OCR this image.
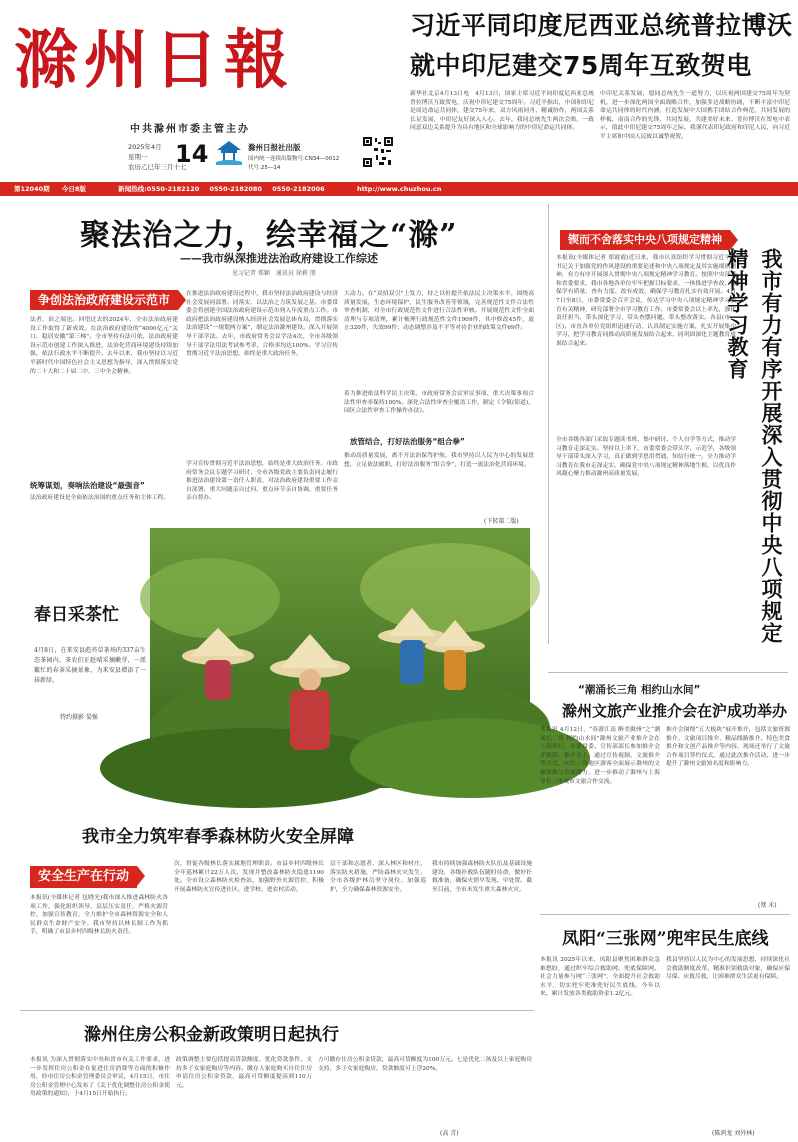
滁州日報
中共滁州市委主管主办
2025年4月
星期一
农历乙巳年三月十七
14	滁州日报社出版
国内统一连续出版物号:CN34—0012
代号:25—14
习近平同印度尼西亚总统普拉博沃
就中印尼建交75周年互致贺电
新华社北京4月13日电　4月13日，国家主席习近平同印度尼西亚总统普拉博沃互致贺电，庆祝中印尼建交75周年。习近平指出，中国和印尼是周边命运共同体，建交75年来，双方风雨同舟、精诚协作，两国关系长足发展，中印尼友好深入人心。去年，我同总统先生两次会晤，一致同意双边关系提升为具有地区和全球影响力的中印尼命运共同体。
中印尼关系发展，愿同总统先生一道努力，以庆祝两国建交75周年为契机，进一步深化两国全面战略合作，加强多边战略协调，不断丰富中印尼命运共同体的时代内涵，打造发展中大国携手团结合作典范，共同发展的样板，南南合作的先锋，共同发展，共建美好未来。普拉博沃在贺电中表示，值此中印尼建交75周年之际，我谨代表印尼政府和印尼人民，向习近平主席和中国人民致以诚挚祝贺。
第12040期 今日8版	新闻热线:0550-2182120 0550-2182080 0550-2182006	http://www.chuzhou.cn
聚法治之力，绘幸福之“滁”
——我市纵深推进法治政府建设工作综述
见习记者 郑颖　通讯员 徐莉 朋
争创法治政府建设示范市
法者，治之端也。回望过去的2024年，全市法治政府建设工作取得了新成效。在法治政府建设的“4000亿元”关口，稳居安徽“第三梯”。全市坚持有法可依，法治政府建设示范市创建工作深入推进，法治化营商环境建设持续加强，依法行政水平不断提升。去年以来，我市坚持以习近平新时代中国特色社会主义思想为指导，深入贯彻落实党的二十大和二十届二中、三中全会精神。
统筹谋划，奏响法治建设“最强音”
法治政府建设是全面依法治国的重点任务和主体工程。
在推进法治政府建设过程中，我市坚持法治政府建设与经济社会发展同部署、同落实，以法治之力筑发展之基。市委常委会将创建全国法治政府建设示范市列入年度重点工作。市政府把法治政府建设纳入经济社会发展总体布局，贯彻落实法治建设“一规划两方案”，制定法治滁州建设。深入开展领导干部学法。去年，市政府常务会议学法4次，全市各级领导干部学法用法考试参考率、合格率均达100%。学习宣传贯彻习近平法治思想，始终是重大政治任务。
学习宣传贯彻习近平法治思想，始终是重大政治任务。市政府常务会议专题学习研讨，全市各级党政主要负责同志履行推进法治建设第一责任人职责，对法治政府建设重要工作亲自部署、重大问题亲自过问、重点环节亲自协调、重要任务亲自督办。
大动力。在“双招双引”上发力，持之以恒提升依法民主决策水平。围绕高质量发展，生态环境保护，民生服务改善等领域，完善规范性文件合法性审查机制，对全市行政规范性文件进行合法性审核。开展规范性文件全面清理与专项清理，累计梳理行政规范性文件1909件，其中修改45件，废止320件，失效99件；动态调整涉及不平等对待企业的政策文件69件。
着力推进依法科学民主决策，市政府常务会议审议事项、重大决策事项合法性审查率保持100%。深化合法性审查全覆盖工作，制定《令镇(街道)、园区合法性审查工作操作办法》。
放管结合，打好法治服务“组合拳”
推动高质量发展，离不开法治保驾护航。我市坚持以人民为中心的发展思想，立足依法履职，打好法治服务“组合拳”，打造一流法治化营商环境。
(下转第二版)
锲而不舍落实中央八项规定精神
本报讯(全媒体记者 郑霞霞)近日来，我市认真组织学习贯彻习近平总书记关于加强党的作风建设的重要论述和中央八项规定及其实施细则精神，有力有序开展深入贯彻中央八项规定精神学习教育。按照中央部署和省委要求，我市各地各单位牢牢把握目标要求，一体推进学查改，确保学有质量、查有力度、改有成效，确保学习教育扎实有效开展。4月7日至8日，市委常委会召开会议，传达学习中央八项规定精神学习教育有关精神，研究部署全市学习教育工作。市委常委会以上率先，强化责任担当，带头深化学习、带头查摆问题、带头整改落实。各县(市、区)、市直各单位党组织迅速行动，认真制定实施方案，扎实开展集中学习，把学习教育同推动高质量发展结合起来，同巩固深化主题教育成果结合起来。
全市各级各部门采取专题读书班、集中研讨、个人自学等方式，推动学习教育走深走实。坚持以上率下，市委常委会带头学、示范学，各级领导干部带头深入学习，真正做到学思用贯通、知信行统一。全力推动学习教育在我市走深走实，确保党中央八项规定精神落地生根，以优良作风凝心聚力推动滁州高质量发展。	我市有力有序开展深入贯彻中央八项规定精神学习教育
春日采茶忙
4月8日，在来安县彪苔草茶场的337亩生态茶园内，茶农们正趁晴采摘嫩芽，一派繁忙的春茶采摘景象，为来安县增添了一抹新绿。
特约摄影 晏强
“潮涌长三角 相约山水间”
滁州文旅产业推介会在沪成功举办
本报讯 4月12日，“春游江南 醉美滁州”之“潮涌长三角 相约山水间”滁州文旅产业推介会在上海举行。市委常委、宣传部部长参加推介会并致辞。推介会上，通过宣传视频、文旅推介等方式，向长三角地区游客全面展示滁州的文旅资源与发展潜力，进一步推动了滁州与上海等长三角城市文旅合作交流。
推介会围绕“五大板块”展开推介，包括文旅资源推介、文旅项目推介、精品线路推介、特色美食推介和文创产品推介等内容。现场还举行了文旅合作项目签约仪式。通过此次推介活动，进一步提升了滁州文旅知名度和影响力。
(蔡 禾)
我市全力筑牢春季森林防火安全屏障
安全生产在行动
本报讯(全媒体记者 包晓光)我市深入推进森林防火各项工作，强化组织领导，层层压实责任，严格火源管控，加强宣传教育，全力维护全市森林资源安全和人民群众生命财产安全。我市坚持以林长制工作为抓手，明确了市县乡村四级林长防火责任。
次，督促各级林长落实属地管理职责。市县乡村四级林长全年巡林累计22万人次，发现并整改森林防火隐患1190处。全市设立森林防火检查站，加强野外火源管控，积极开展森林防火宣传进社区、进学校、进农村活动。
层干部和志愿者，深入林区和村庄，落实防火措施，严防森林火灾发生。全市各级护林员坚守岗位，加强巡护，全力确保森林资源安全。
我市持续加强森林防火队伍及基础设施建设，各级扑救队伍随时待命，做好扑救准备，确保火情早发现、早处置。截至目前，全市未发生重大森林火灾。
凤阳“三张网”兜牢民生底线
本报讯 2025年以来，凤阳县聚焦困难群众急难愁盼，通过织牢综合救助网、兜底保障网、社会力量参与网“三张网”，全面提升社会救助水平，切实兜牢兜准兜好民生底线。今年以来，累计发放各类救助资金1.2亿元。
我县坚持以人民为中心的发展思想，持续深化社会救助制度改革，精准识别救助对象，确保应保尽保、应救尽救，让困难群众生活更有保障。
(陈鸿龙 刘外林)
滁州住房公积金新政策明日起执行
本报讯 为深入贯彻落实中央和省市有关工作要求，进一步发挥住房公积金在促进住房消费等方面的积极作用，经市住房公积金管理委员会审议，4月15日，市住房公积金管理中心发布了《关于优化调整住房公积金使用政策的通知》，于4月15日开始执行。
政策调整主要包括提高贷款额度、优化贷款条件、支持多子女家庭购房等内容。缴存人家庭购买自住住房申请住房公积金贷款，最高可贷额度提高到110万元。
方可缴存住房公积金贷款，最高可贷额度为100万元。七是优化二孩及以上家庭购房支持，多子女家庭购房，贷款额度可上浮20%。
(高 青)
